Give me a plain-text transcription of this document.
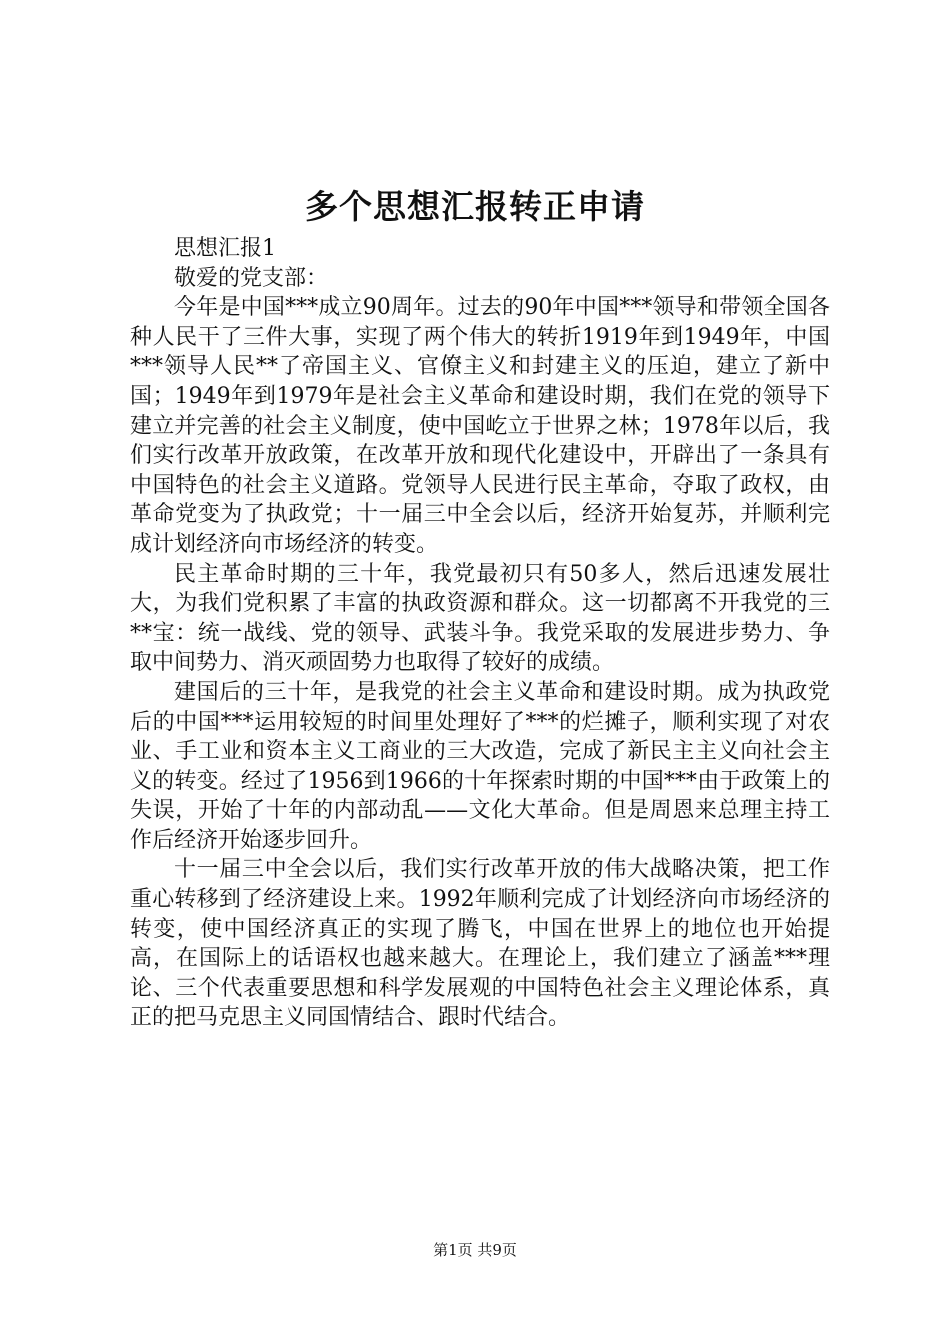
多个思想汇报转正申请

思想汇报1

敬爱的党支部：

今年是中国***成立90周年。过去的90年中国***领导和带领全国各种人民干了三件大事，实现了两个伟大的转折1919年到1949年，中国***领导人民**了帝国主义、官僚主义和封建主义的压迫，建立了新中国；1949年到1979年是社会主义革命和建设时期，我们在党的领导下建立并完善的社会主义制度，使中国屹立于世界之林；1978年以后，我们实行改革开放政策，在改革开放和现代化建设中，开辟出了一条具有中国特色的社会主义道路。党领导人民进行民主革命，夺取了政权，由革命党变为了执政党；十一届三中全会以后，经济开始复苏，并顺利完成计划经济向市场经济的转变。

民主革命时期的三十年，我党最初只有50多人，然后迅速发展壮大，为我们党积累了丰富的执政资源和群众。这一切都离不开我党的三**宝：统一战线、党的领导、武装斗争。我党采取的发展进步势力、争取中间势力、消灭顽固势力也取得了较好的成绩。

建国后的三十年，是我党的社会主义革命和建设时期。成为执政党后的中国***运用较短的时间里处理好了***的烂摊子，顺利实现了对农业、手工业和资本主义工商业的三大改造，完成了新民主主义向社会主义的转变。经过了1956到1966的十年探索时期的中国***由于政策上的失误，开始了十年的内部动乱——文化大革命。但是周恩来总理主持工作后经济开始逐步回升。

十一届三中全会以后，我们实行改革开放的伟大战略决策，把工作重心转移到了经济建设上来。1992年顺利完成了计划经济向市场经济的转变，使中国经济真正的实现了腾飞，中国在世界上的地位也开始提高，在国际上的话语权也越来越大。在理论上，我们建立了涵盖***理论、三个代表重要思想和科学发展观的中国特色社会主义理论体系，真正的把马克思主义同国情结合、跟时代结合。

第1页 共9页
